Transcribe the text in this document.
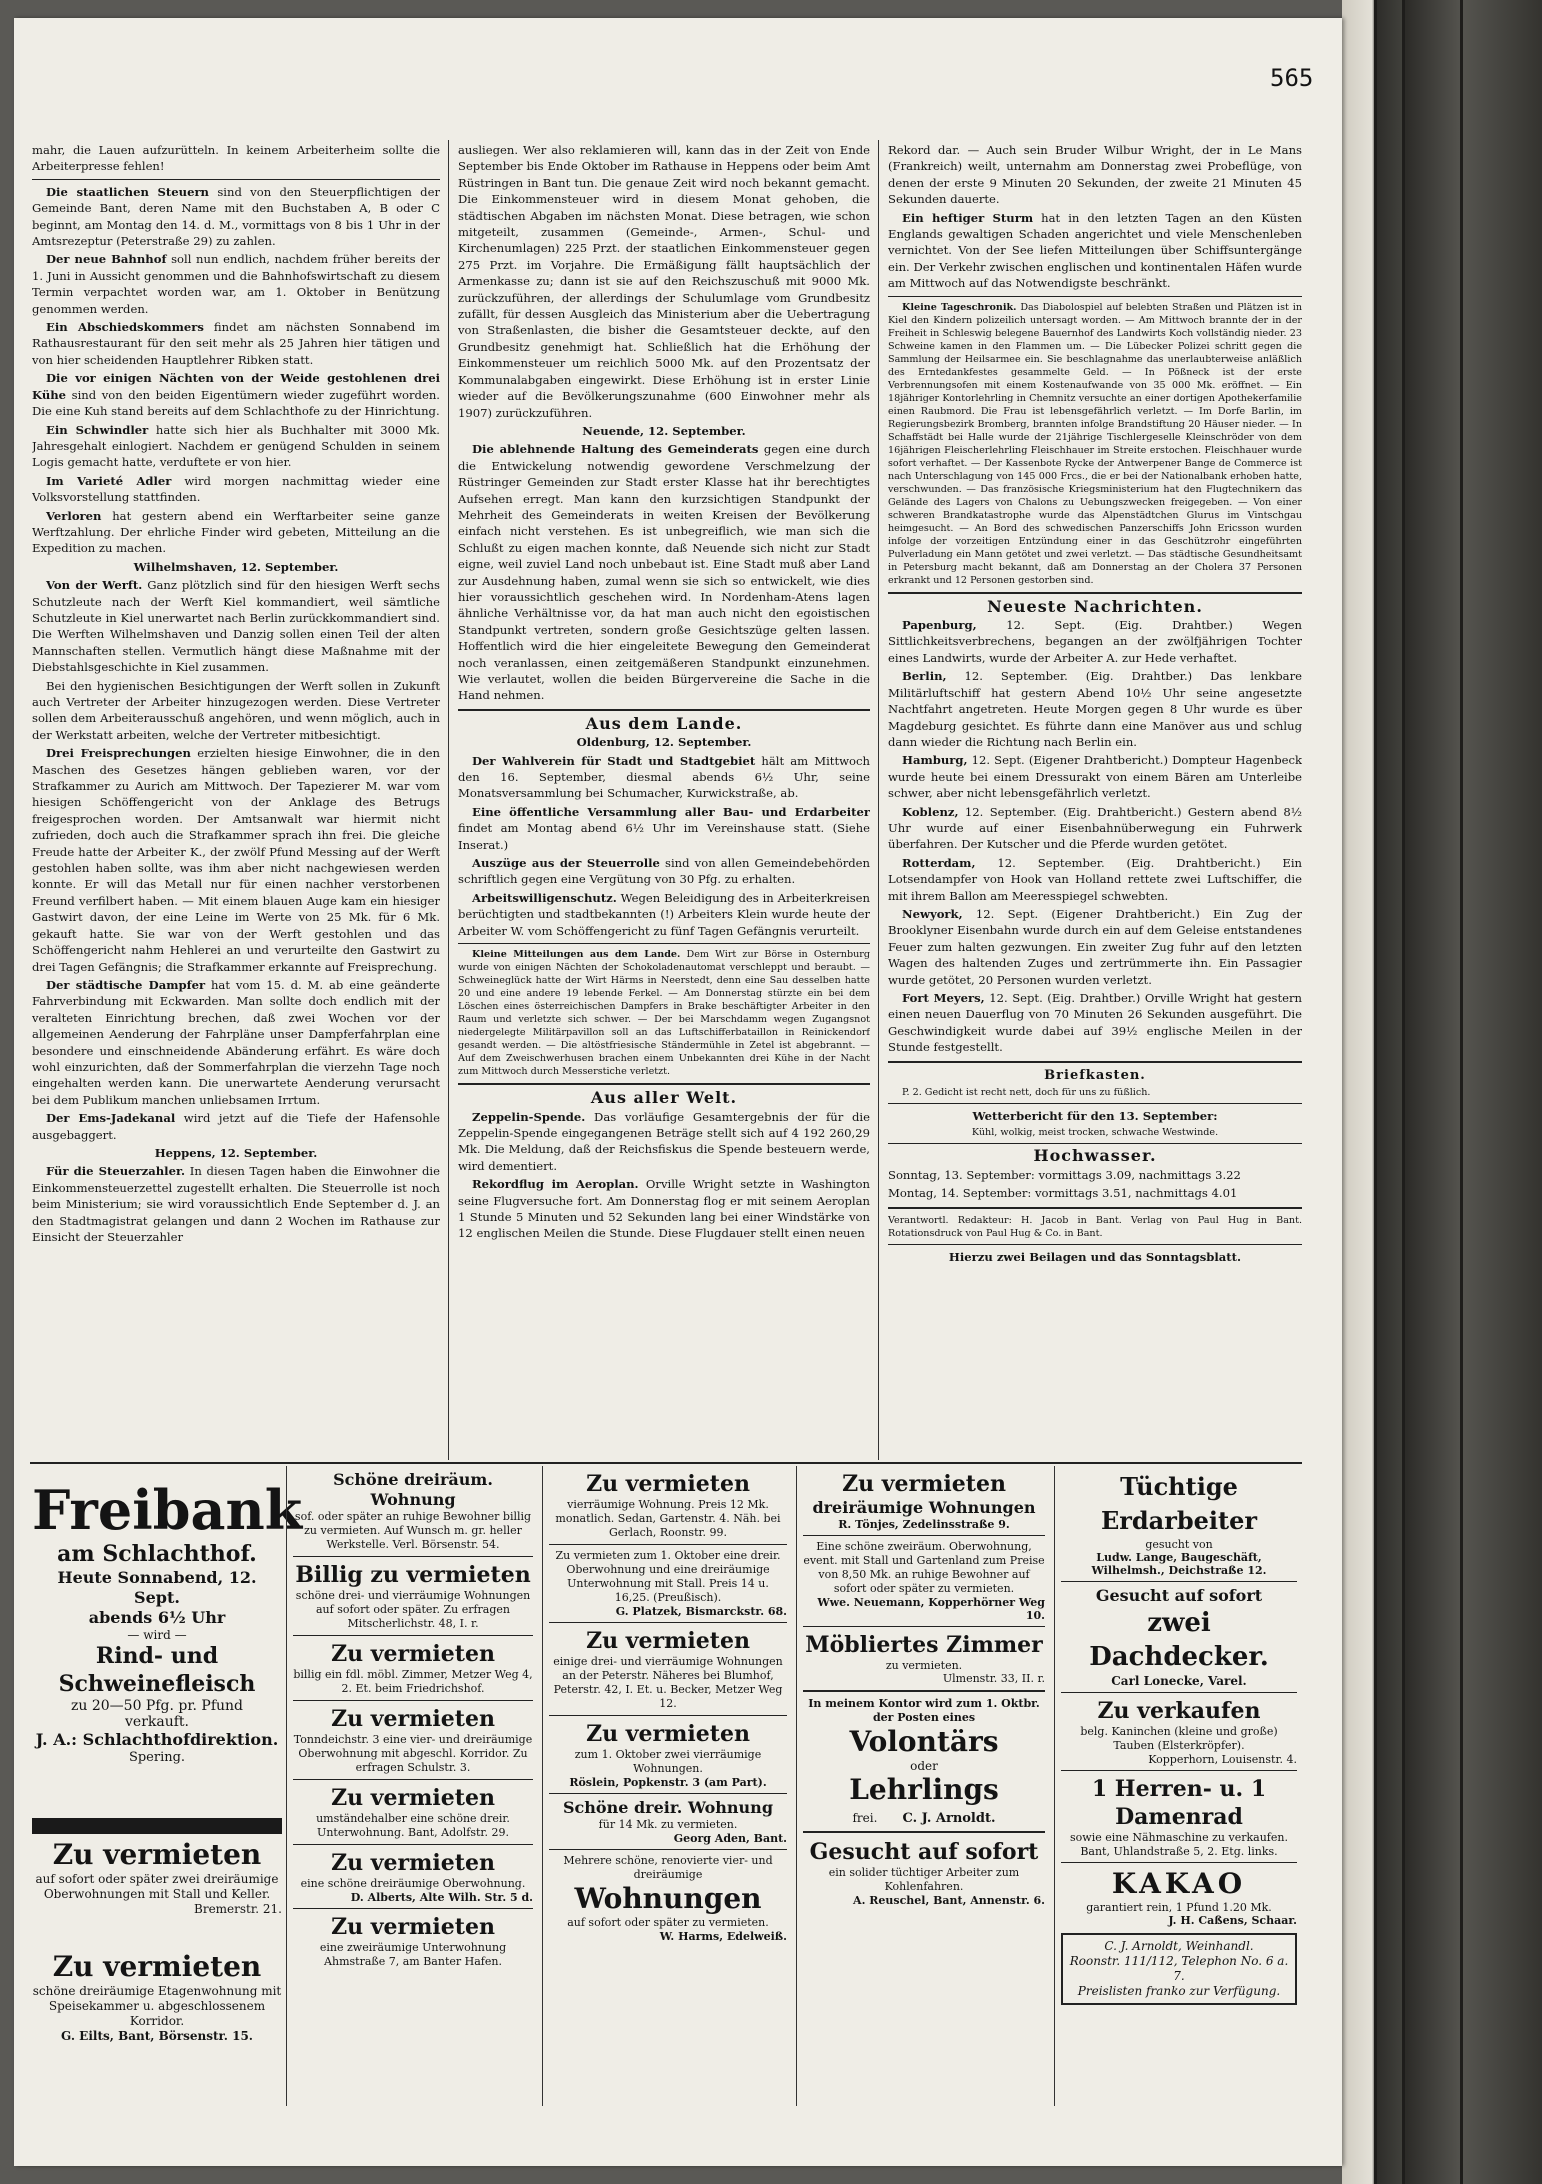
565

mahr, die Lauen aufzurütteln. In keinem Arbeiterheim sollte die Arbeiterpresse fehlen!

Die staatlichen Steuern sind von den Steuerpflichtigen der Gemeinde Bant, deren Name mit den Buchstaben A, B oder C beginnt, am Montag den 14. d. M., vormittags von 8 bis 1 Uhr in der Amtsrezeptur (Peterstraße 29) zu zahlen.

Der neue Bahnhof soll nun endlich, nachdem früher bereits der 1. Juni in Aussicht genommen und die Bahnhofswirtschaft zu diesem Termin verpachtet worden war, am 1. Oktober in Benützung genommen werden.

Ein Abschiedskommers findet am nächsten Sonnabend im Rathausrestaurant für den seit mehr als 25 Jahren hier tätigen und von hier scheidenden Hauptlehrer Ribken statt.

Die vor einigen Nächten von der Weide gestohlenen drei Kühe sind von den beiden Eigentümern wieder zugeführt worden. Die eine Kuh stand bereits auf dem Schlachthofe zu der Hinrichtung.

Ein Schwindler hatte sich hier als Buchhalter mit 3000 Mk. Jahresgehalt einlogiert. Nachdem er genügend Schulden in seinem Logis gemacht hatte, verduftete er von hier.

Im Varieté Adler wird morgen nachmittag wieder eine Volksvorstellung stattfinden.

Verloren hat gestern abend ein Werftarbeiter seine ganze Werftzahlung. Der ehrliche Finder wird gebeten, Mitteilung an die Expedition zu machen.

Wilhelmshaven, 12. September.

Von der Werft. Ganz plötzlich sind für den hiesigen Werft sechs Schutzleute nach der Werft Kiel kommandiert, weil sämtliche Schutzleute in Kiel unerwartet nach Berlin zurückkommandiert sind. Die Werften Wilhelmshaven und Danzig sollen einen Teil der alten Mannschaften stellen. Vermutlich hängt diese Maßnahme mit der Diebstahlsgeschichte in Kiel zusammen.

Bei den hygienischen Besichtigungen der Werft sollen in Zukunft auch Vertreter der Arbeiter hinzugezogen werden. Diese Vertreter sollen dem Arbeiterausschuß angehören, und wenn möglich, auch in der Werkstatt arbeiten, welche der Vertreter mitbesichtigt.

Drei Freisprechungen erzielten hiesige Einwohner, die in den Maschen des Gesetzes hängen geblieben waren, vor der Strafkammer zu Aurich am Mittwoch. Der Tapezierer M. war vom hiesigen Schöffengericht von der Anklage des Betrugs freigesprochen worden. Der Amtsanwalt war hiermit nicht zufrieden, doch auch die Strafkammer sprach ihn frei. Die gleiche Freude hatte der Arbeiter K., der zwölf Pfund Messing auf der Werft gestohlen haben sollte, was ihm aber nicht nachgewiesen werden konnte. Er will das Metall nur für einen nachher verstorbenen Freund verfilbert haben. — Mit einem blauen Auge kam ein hiesiger Gastwirt davon, der eine Leine im Werte von 25 Mk. für 6 Mk. gekauft hatte. Sie war von der Werft gestohlen und das Schöffengericht nahm Hehlerei an und verurteilte den Gastwirt zu drei Tagen Gefängnis; die Strafkammer erkannte auf Freisprechung.

Der städtische Dampfer hat vom 15. d. M. ab eine geänderte Fahrverbindung mit Eckwarden. Man sollte doch endlich mit der veralteten Einrichtung brechen, daß zwei Wochen vor der allgemeinen Aenderung der Fahrpläne unser Dampferfahrplan eine besondere und einschneidende Abänderung erfährt. Es wäre doch wohl einzurichten, daß der Sommerfahrplan die vierzehn Tage noch eingehalten werden kann. Die unerwartete Aenderung verursacht bei dem Publikum manchen unliebsamen Irrtum.

Der Ems-Jadekanal wird jetzt auf die Tiefe der Hafensohle ausgebaggert.

Heppens, 12. September.

Für die Steuerzahler. In diesen Tagen haben die Einwohner die Einkommensteuerzettel zugestellt erhalten. Die Steuerrolle ist noch beim Ministerium; sie wird voraussichtlich Ende September d. J. an den Stadtmagistrat gelangen und dann 2 Wochen im Rathause zur Einsicht der Steuerzahler

ausliegen. Wer also reklamieren will, kann das in der Zeit von Ende September bis Ende Oktober im Rathause in Heppens oder beim Amt Rüstringen in Bant tun. Die genaue Zeit wird noch bekannt gemacht. Die Einkommensteuer wird in diesem Monat gehoben, die städtischen Abgaben im nächsten Monat. Diese betragen, wie schon mitgeteilt, zusammen (Gemeinde-, Armen-, Schul- und Kirchenumlagen) 225 Przt. der staatlichen Einkommensteuer gegen 275 Przt. im Vorjahre. Die Ermäßigung fällt hauptsächlich der Armenkasse zu; dann ist sie auf den Reichszuschuß mit 9000 Mk. zurückzuführen, der allerdings der Schulumlage vom Grundbesitz zufällt, für dessen Ausgleich das Ministerium aber die Uebertragung von Straßenlasten, die bisher die Gesamtsteuer deckte, auf den Grundbesitz genehmigt hat. Schließlich hat die Erhöhung der Einkommensteuer um reichlich 5000 Mk. auf den Prozentsatz der Kommunalabgaben eingewirkt. Diese Erhöhung ist in erster Linie wieder auf die Bevölkerungszunahme (600 Einwohner mehr als 1907) zurückzuführen.

Neuende, 12. September.

Die ablehnende Haltung des Gemeinderats gegen eine durch die Entwickelung notwendig gewordene Verschmelzung der Rüstringer Gemeinden zur Stadt erster Klasse hat ihr berechtigtes Aufsehen erregt. Man kann den kurzsichtigen Standpunkt der Mehrheit des Gemeinderats in weiten Kreisen der Bevölkerung einfach nicht verstehen. Es ist unbegreiflich, wie man sich die Schlußt zu eigen machen konnte, daß Neuende sich nicht zur Stadt eigne, weil zuviel Land noch unbebaut ist. Eine Stadt muß aber Land zur Ausdehnung haben, zumal wenn sie sich so entwickelt, wie dies hier voraussichtlich geschehen wird. In Nordenham-Atens lagen ähnliche Verhältnisse vor, da hat man auch nicht den egoistischen Standpunkt vertreten, sondern große Gesichtszüge gelten lassen. Hoffentlich wird die hier eingeleitete Bewegung den Gemeinderat noch veranlassen, einen zeitgemäßeren Standpunkt einzunehmen. Wie verlautet, wollen die beiden Bürgervereine die Sache in die Hand nehmen.

Aus dem Lande.

Oldenburg, 12. September.

Der Wahlverein für Stadt und Stadtgebiet hält am Mittwoch den 16. September, diesmal abends 6½ Uhr, seine Monatsversammlung bei Schumacher, Kurwickstraße, ab.

Eine öffentliche Versammlung aller Bau- und Erdarbeiter findet am Montag abend 6½ Uhr im Vereinshause statt. (Siehe Inserat.)

Auszüge aus der Steuerrolle sind von allen Gemeindebehörden schriftlich gegen eine Vergütung von 30 Pfg. zu erhalten.

Arbeitswilligenschutz. Wegen Beleidigung des in Arbeiterkreisen berüchtigten und stadtbekannten (!) Arbeiters Klein wurde heute der Arbeiter W. vom Schöffengericht zu fünf Tagen Gefängnis verurteilt.

Kleine Mitteilungen aus dem Lande. Dem Wirt zur Börse in Osternburg wurde von einigen Nächten der Schokoladenautomat verschleppt und beraubt. — Schweineglück hatte der Wirt Härms in Neerstedt, denn eine Sau desselben hatte 20 und eine andere 19 lebende Ferkel. — Am Donnerstag stürzte ein bei dem Löschen eines österreichischen Dampfers in Brake beschäftigter Arbeiter in den Raum und verletzte sich schwer. — Der bei Marschdamm wegen Zugangsnot niedergelegte Militärpavillon soll an das Luftschifferbataillon in Reinickendorf gesandt werden. — Die altöstfriesische Ständermühle in Zetel ist abgebrannt. — Auf dem Zweischwerhusen brachen einem Unbekannten drei Kühe in der Nacht zum Mittwoch durch Messerstiche verletzt.

Aus aller Welt.

Zeppelin-Spende. Das vorläufige Gesamtergebnis der für die Zeppelin-Spende eingegangenen Beträge stellt sich auf 4 192 260,29 Mk. Die Meldung, daß der Reichsfiskus die Spende besteuern werde, wird dementiert.

Rekordflug im Aeroplan. Orville Wright setzte in Washington seine Flugversuche fort. Am Donnerstag flog er mit seinem Aeroplan 1 Stunde 5 Minuten und 52 Sekunden lang bei einer Windstärke von 12 englischen Meilen die Stunde. Diese Flugdauer stellt einen neuen

Rekord dar. — Auch sein Bruder Wilbur Wright, der in Le Mans (Frankreich) weilt, unternahm am Donnerstag zwei Probeflüge, von denen der erste 9 Minuten 20 Sekunden, der zweite 21 Minuten 45 Sekunden dauerte.

Ein heftiger Sturm hat in den letzten Tagen an den Küsten Englands gewaltigen Schaden angerichtet und viele Menschenleben vernichtet. Von der See liefen Mitteilungen über Schiffsuntergänge ein. Der Verkehr zwischen englischen und kontinentalen Häfen wurde am Mittwoch auf das Notwendigste beschränkt.

Kleine Tageschronik. Das Diabolospiel auf belebten Straßen und Plätzen ist in Kiel den Kindern polizeilich untersagt worden. — Am Mittwoch brannte der in der Freiheit in Schleswig belegene Bauernhof des Landwirts Koch vollständig nieder. 23 Schweine kamen in den Flammen um. — Die Lübecker Polizei schritt gegen die Sammlung der Heilsarmee ein. Sie beschlagnahme das unerlaubterweise anläßlich des Erntedankfestes gesammelte Geld. — In Pößneck ist der erste Verbrennungsofen mit einem Kostenaufwande von 35 000 Mk. eröffnet. — Ein 18jähriger Kontorlehrling in Chemnitz versuchte an einer dortigen Apothekerfamilie einen Raubmord. Die Frau ist lebensgefährlich verletzt. — Im Dorfe Barlin, im Regierungsbezirk Bromberg, brannten infolge Brandstiftung 20 Häuser nieder. — In Schaffstädt bei Halle wurde der 21jährige Tischlergeselle Kleinschröder von dem 16jährigen Fleischerlehrling Fleischhauer im Streite erstochen. Fleischhauer wurde sofort verhaftet. — Der Kassenbote Rycke der Antwerpener Bange de Commerce ist nach Unterschlagung von 145 000 Frcs., die er bei der Nationalbank erhoben hatte, verschwunden. — Das französische Kriegsministerium hat den Flugtechnikern das Gelände des Lagers von Chalons zu Uebungszwecken freigegeben. — Von einer schweren Brandkatastrophe wurde das Alpenstädtchen Glurus im Vintschgau heimgesucht. — An Bord des schwedischen Panzerschiffs John Ericsson wurden infolge der vorzeitigen Entzündung einer in das Geschützrohr eingeführten Pulverladung ein Mann getötet und zwei verletzt. — Das städtische Gesundheitsamt in Petersburg macht bekannt, daß am Donnerstag an der Cholera 37 Personen erkrankt und 12 Personen gestorben sind.

Neueste Nachrichten.

Papenburg, 12. Sept. (Eig. Drahtber.) Wegen Sittlichkeitsverbrechens, begangen an der zwölfjährigen Tochter eines Landwirts, wurde der Arbeiter A. zur Hede verhaftet.

Berlin, 12. September. (Eig. Drahtber.) Das lenkbare Militärluftschiff hat gestern Abend 10½ Uhr seine angesetzte Nachtfahrt angetreten. Heute Morgen gegen 8 Uhr wurde es über Magdeburg gesichtet. Es führte dann eine Manöver aus und schlug dann wieder die Richtung nach Berlin ein.

Hamburg, 12. Sept. (Eigener Drahtbericht.) Dompteur Hagenbeck wurde heute bei einem Dressurakt von einem Bären am Unterleibe schwer, aber nicht lebensgefährlich verletzt.

Koblenz, 12. September. (Eig. Drahtbericht.) Gestern abend 8½ Uhr wurde auf einer Eisenbahnüberwegung ein Fuhrwerk überfahren. Der Kutscher und die Pferde wurden getötet.

Rotterdam, 12. September. (Eig. Drahtbericht.) Ein Lotsendampfer von Hook van Holland rettete zwei Luftschiffer, die mit ihrem Ballon am Meeresspiegel schwebten.

Newyork, 12. Sept. (Eigener Drahtbericht.) Ein Zug der Brooklyner Eisenbahn wurde durch ein auf dem Geleise entstandenes Feuer zum halten gezwungen. Ein zweiter Zug fuhr auf den letzten Wagen des haltenden Zuges und zertrümmerte ihn. Ein Passagier wurde getötet, 20 Personen wurden verletzt.

Fort Meyers, 12. Sept. (Eig. Drahtber.) Orville Wright hat gestern einen neuen Dauerflug von 70 Minuten 26 Sekunden ausgeführt. Die Geschwindigkeit wurde dabei auf 39½ englische Meilen in der Stunde festgestellt.

Briefkasten.

P. 2. Gedicht ist recht nett, doch für uns zu füßlich.

Wetterbericht für den 13. September:

Kühl, wolkig, meist trocken, schwache Westwinde.

Hochwasser.

Sonntag, 13. September: vormittags 3.09, nachmittags 3.22

Montag, 14. September: vormittags 3.51, nachmittags 4.01

Verantwortl. Redakteur: H. Jacob in Bant. Verlag von Paul Hug in Bant. Rotationsdruck von Paul Hug & Co. in Bant.

Hierzu zwei Beilagen und das Sonntagsblatt.

Freibank
am Schlachthof.
Heute Sonnabend, 12. Sept.
abends 6½ Uhr
— wird —
Rind- und Schweinefleisch
zu 20—50 Pfg. pr. Pfund
verkauft.
J. A.: Schlachthofdirektion.
Spering.
Zu vermieten
auf sofort oder später zwei dreiräumige Oberwohnungen mit Stall und Keller.
Bremerstr. 21.
Zu vermieten
schöne dreiräumige Etagenwohnung mit Speisekammer u. abgeschlossenem Korridor.
G. Eilts, Bant, Börsenstr. 15.
Schöne dreiräum. Wohnung
sof. oder später an ruhige Bewohner billig zu vermieten. Auf Wunsch m. gr. heller Werkstelle. Verl. Börsenstr. 54.
Billig zu vermieten
schöne drei- und vierräumige Wohnungen auf sofort oder später. Zu erfragen Mitscherlichstr. 48, I. r.
Zu vermieten
billig ein fdl. möbl. Zimmer, Metzer Weg 4, 2. Et. beim Friedrichshof.
Zu vermieten
Tonndeichstr. 3 eine vier- und dreiräumige Oberwohnung mit abgeschl. Korridor. Zu erfragen Schulstr. 3.
Zu vermieten
umständehalber eine schöne dreir. Unterwohnung. Bant, Adolfstr. 29.
Zu vermieten
eine schöne dreiräumige Oberwohnung.
D. Alberts, Alte Wilh. Str. 5 d.
Zu vermieten
eine zweiräumige Unterwohnung Ahmstraße 7, am Banter Hafen.
Zu vermieten
vierräumige Wohnung. Preis 12 Mk. monatlich. Sedan, Gartenstr. 4. Näh. bei Gerlach, Roonstr. 99.
Zu vermieten zum 1. Oktober eine dreir. Oberwohnung und eine dreiräumige Unterwohnung mit Stall. Preis 14 u. 16,25. (Preußisch).
G. Platzek, Bismarckstr. 68.
Zu vermieten
einige drei- und vierräumige Wohnungen an der Peterstr. Näheres bei Blumhof, Peterstr. 42, I. Et. u. Becker, Metzer Weg 12.
Zu vermieten
zum 1. Oktober zwei vierräumige Wohnungen.
Röslein, Popkenstr. 3 (am Part).
Schöne dreir. Wohnung
für 14 Mk. zu vermieten.
Georg Aden, Bant.
Mehrere schöne, renovierte vier- und dreiräumige
Wohnungen
auf sofort oder später zu vermieten.
W. Harms, Edelweiß.
Zu vermieten
dreiräumige Wohnungen
R. Tönjes, Zedelinsstraße 9.
Eine schöne zweiräum. Oberwohnung, event. mit Stall und Gartenland zum Preise von 8,50 Mk. an ruhige Bewohner auf sofort oder später zu vermieten.
Wwe. Neuemann, Kopperhörner Weg 10.
Möbliertes Zimmer
zu vermieten.
Ulmenstr. 33, II. r.
In meinem Kontor wird zum 1. Oktbr. der Posten eines
Volontärs
oder
Lehrlings
frei. C. J. Arnoldt.
Gesucht auf sofort
ein solider tüchtiger Arbeiter zum Kohlenfahren.
A. Reuschel, Bant, Annenstr. 6.
Tüchtige Erdarbeiter
gesucht von
Ludw. Lange, Baugeschäft, Wilhelmsh., Deichstraße 12.
Gesucht auf sofort
zwei Dachdecker.
Carl Lonecke, Varel.
Zu verkaufen
belg. Kaninchen (kleine und große) Tauben (Elsterkröpfer).
Kopperhorn, Louisenstr. 4.
1 Herren- u. 1 Damenrad
sowie eine Nähmaschine zu verkaufen.
Bant, Uhlandstraße 5, 2. Etg. links.
KAKAO
garantiert rein, 1 Pfund 1.20 Mk.
J. H. Caßens, Schaar.
C. J. Arnoldt, Weinhandl.
Roonstr. 111/112, Telephon No. 6 a. 7.
Preislisten franko zur Verfügung.
